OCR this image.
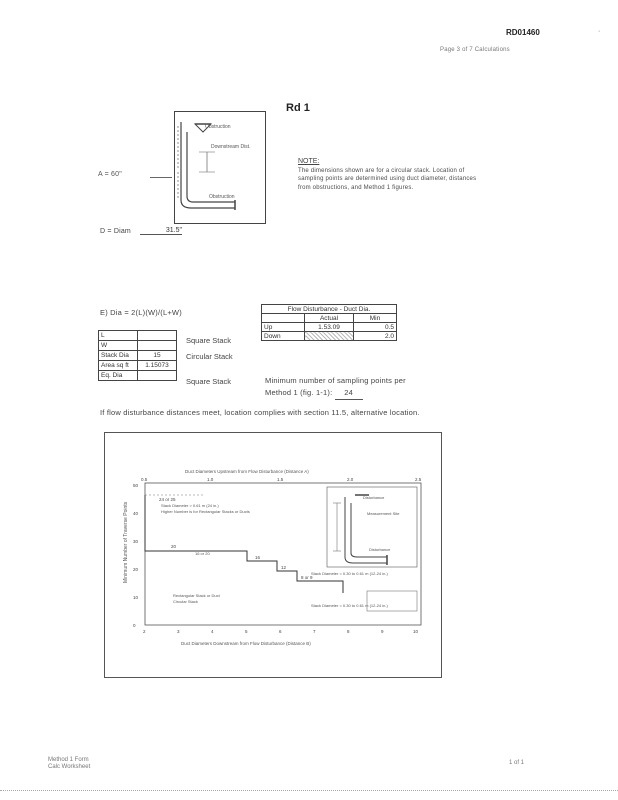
RD01460	·
Page 3 of 7 Calculations
Rd 1
Obstruction
Downstream Dist.
Obstruction
NOTE:
The dimensions shown are for a circular stack. Location of sampling points are determined using duct diameter, distances from obstructions, and Method 1 figures.
A = 60"
D = Diam	31.5"
E) Dia = 2(L)(W)/(L+W)
L	
W	
Stack Dia	15
Area sq ft	1.15073
Eq. Dia	
Square Stack
Circular Stack
Square Stack
Flow Disturbance - Duct Dia.		
	Actual	Min
Up	1.53.09	0.5
Down		2.0
Minimum number of sampling points per Method 1 (fig. 1-1): 24
If flow disturbance distances meet, location complies with section 11.5, alternative location.
Duct Diameters Upstream from Flow Disturbance (Distance A)
0.5	1.0	1.5	2.0	2.5
Minimum Number of Traverse Points
50
40
30
20
10
0
24 or 25
20
16
12
8 or 9
Stack Diameter > 0.61 m (24 in.)
Higher Number is for Rectangular Stacks or Ducts
16 or 20
Stack Diameter = 0.30 to 0.61 m (12-24 in.)
Disturbance
Measurement Site
Disturbance
Stack Diameter = 0.30 to 0.61 m (12-24 in.)
Rectangular Stack or Duct
Circular Stack
2	3	4	5	6	7	8	9	10
Duct Diameters Downstream from Flow Disturbance (Distance B)
Method 1 Form
Calc Worksheet
1 of 1
